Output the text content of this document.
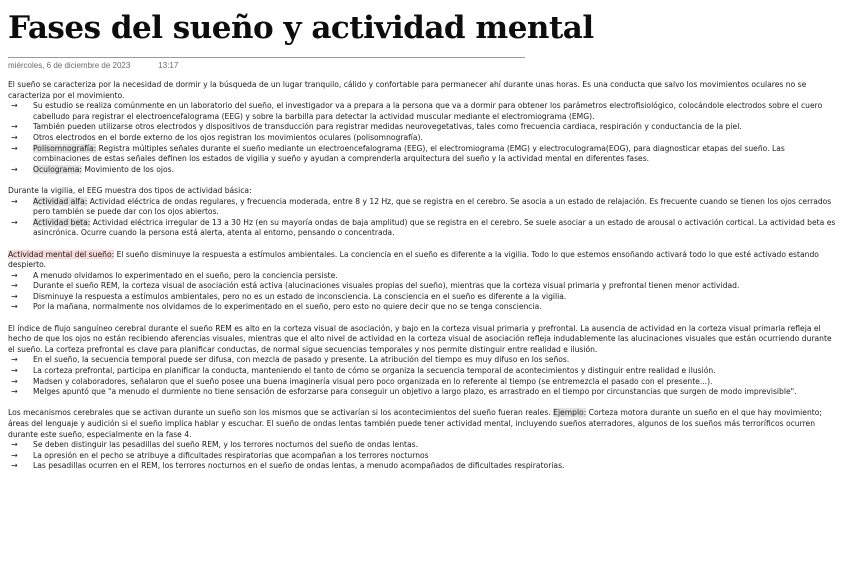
Fases del sueño y actividad mental
miércoles, 6 de diciembre de 2023	13:17

El sueño se caracteriza por la necesidad de dormir y la búsqueda de un lugar tranquilo, cálido y confortable para permanecer ahí durante unas horas. Es una conducta que salvo los movimientos oculares no se caracteriza por el movimiento.

→ Su estudio se realiza comúnmente en un laboratorio del sueño, el investigador va a prepara a la persona que va a dormir para obtener los parámetros electrofisiológico, colocándole electrodos sobre el cuero cabelludo para registrar el electroencefalograma (EEG) y sobre la barbilla para detectar la actividad muscular mediante el electromiograma (EMG).

→ También pueden utilizarse otros electrodos y dispositivos de transducción para registrar medidas neurovegetativas, tales como frecuencia cardiaca, respiración y conductancia de la piel.

→ Otros electrodos en el borde externo de los ojos registran los movimientos oculares (polisomnografía).

→ Polisomnografía: Registra múltiples señales durante el sueño mediante un electroencefalograma (EEG), el electromiograma (EMG) y electroculograma(EOG), para diagnosticar etapas del sueño. Las combinaciones de estas señales definen los estados de vigilia y sueño y ayudan a comprenderla arquitectura del sueño y la actividad mental en diferentes fases.

→ Oculograma: Movimiento de los ojos.

Durante la vigilia, el EEG muestra dos tipos de actividad básica:

→ Actividad alfa: Actividad eléctrica de ondas regulares, y frecuencia moderada, entre 8 y 12 Hz, que se registra en el cerebro. Se asocia a un estado de relajación. Es frecuente cuando se tienen los ojos cerrados pero también se puede dar con los ojos abiertos.

→ Actividad beta: Actividad eléctrica irregular de 13 a 30 Hz (en su mayoría ondas de baja amplitud) que se registra en el cerebro. Se suele asociar a un estado de arousal o activación cortical. La actividad beta es asincrónica. Ocurre cuando la persona está alerta, atenta al entorno, pensando o concentrada.

Actividad mental del sueño: El sueño disminuye la respuesta a estímulos ambientales. La conciencia en el sueño es diferente a la vigilia. Todo lo que estemos ensoñando activará todo lo que esté activado estando despierto.

→ A menudo olvidamos lo experimentado en el sueño, pero la conciencia persiste.

→ Durante el sueño REM, la corteza visual de asociación está activa (alucinaciones visuales propias del sueño), mientras que la corteza visual primaria y prefrontal tienen menor actividad.

→ Disminuye la respuesta a estímulos ambientales, pero no es un estado de inconsciencia. La consciencia en el sueño es diferente a la vigilia.

→ Por la mañana, normalmente nos olvidamos de lo experimentado en el sueño, pero esto no quiere decir que no se tenga consciencia.

El índice de flujo sanguíneo cerebral durante el sueño REM es alto en la corteza visual de asociación, y bajo en la corteza visual primaria y prefrontal. La ausencia de actividad en la corteza visual primaria refleja el hecho de que los ojos no están recibiendo aferencias visuales, mientras que el alto nivel de actividad en la corteza visual de asociación refleja indudablemente las alucinaciones visuales que están ocurriendo durante el sueño. La corteza prefrontal es clave para planificar conductas, de normal sigue secuencias temporales y nos permite distinguir entre realidad e ilusión.

→ En el sueño, la secuencia temporal puede ser difusa, con mezcla de pasado y presente. La atribución del tiempo es muy difuso en los seños.

→ La corteza prefrontal, participa en planificar la conducta, manteniendo el tanto de cómo se organiza la secuencia temporal de acontecimientos y distinguir entre realidad e ilusión.

→ Madsen y colaboradores, señalaron que el sueño posee una buena imaginería visual pero poco organizada en lo referente al tiempo (se entremezcla el pasado con el presente...).

→ Melges apuntó que "a menudo el durmiente no tiene sensación de esforzarse para conseguir un objetivo a largo plazo, es arrastrado en el tiempo por circunstancias que surgen de modo imprevisible".

Los mecanismos cerebrales que se activan durante un sueño son los mismos que se activarían si los acontecimientos del sueño fueran reales. Ejemplo: Corteza motora durante un sueño en el que hay movimiento; áreas del lenguaje y audición si el sueño implica hablar y escuchar. El sueño de ondas lentas también puede tener actividad mental, incluyendo sueños aterradores, algunos de los sueños más terroríficos ocurren durante este sueño, especialmente en la fase 4.

→ Se deben distinguir las pesadillas del sueño REM, y los terrores nocturnos del sueño de ondas lentas.

→ La opresión en el pecho se atribuye a dificultades respiratorias que acompañan a los terrores nocturnos

→ Las pesadillas ocurren en el REM, los terrores nocturnos en el sueño de ondas lentas, a menudo acompañados de dificultades respiratorias.
